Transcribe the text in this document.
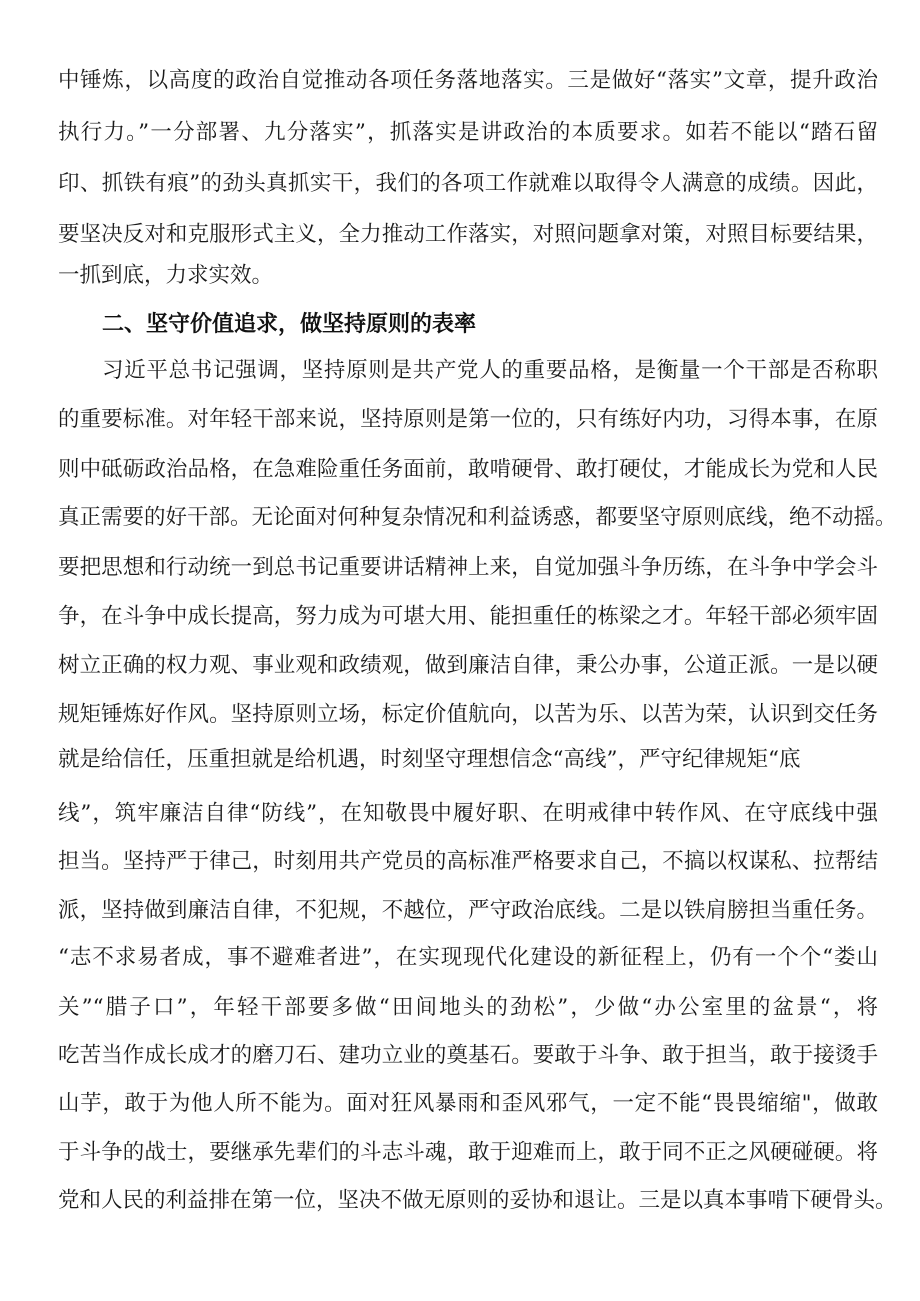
中锤炼，以高度的政治自觉推动各项任务落地落实。三是做好“落实”文章，提升政治
执行力。”一分部署、九分落实”，抓落实是讲政治的本质要求。如若不能以“踏石留
印、抓铁有痕”的劲头真抓实干，我们的各项工作就难以取得令人满意的成绩。因此，
要坚决反对和克服形式主义，全力推动工作落实，对照问题拿对策，对照目标要结果，
一抓到底，力求实效。
二、坚守价值追求，做坚持原则的表率
习近平总书记强调，坚持原则是共产党人的重要品格，是衡量一个干部是否称职
的重要标准。对年轻干部来说，坚持原则是第一位的，只有练好内功，习得本事，在原
则中砥砺政治品格，在急难险重任务面前，敢啃硬骨、敢打硬仗，才能成长为党和人民
真正需要的好干部。无论面对何种复杂情况和利益诱惑，都要坚守原则底线，绝不动摇。
要把思想和行动统一到总书记重要讲话精神上来，自觉加强斗争历练，在斗争中学会斗
争，在斗争中成长提高，努力成为可堪大用、能担重任的栋梁之才。年轻干部必须牢固
树立正确的权力观、事业观和政绩观，做到廉洁自律，秉公办事，公道正派。一是以硬
规矩锤炼好作风。坚持原则立场，标定价值航向，以苦为乐、以苦为荣，认识到交任务
就是给信任，压重担就是给机遇，时刻坚守理想信念“高线”，严守纪律规矩“底
线”，筑牢廉洁自律“防线”，在知敬畏中履好职、在明戒律中转作风、在守底线中强
担当。坚持严于律己，时刻用共产党员的高标准严格要求自己，不搞以权谋私、拉帮结
派，坚持做到廉洁自律，不犯规，不越位，严守政治底线。二是以铁肩膀担当重任务。
“志不求易者成，事不避难者进”，在实现现代化建设的新征程上，仍有一个个“娄山
关”“腊子口”，年轻干部要多做“田间地头的劲松”，少做“办公室里的盆景“，将
吃苦当作成长成才的磨刀石、建功立业的奠基石。要敢于斗争、敢于担当，敢于接烫手
山芋，敢于为他人所不能为。面对狂风暴雨和歪风邪气，一定不能“畏畏缩缩"，做敢
于斗争的战士，要继承先辈们的斗志斗魂，敢于迎难而上，敢于同不正之风硬碰硬。将
党和人民的利益排在第一位，坚决不做无原则的妥协和退让。三是以真本事啃下硬骨头。
